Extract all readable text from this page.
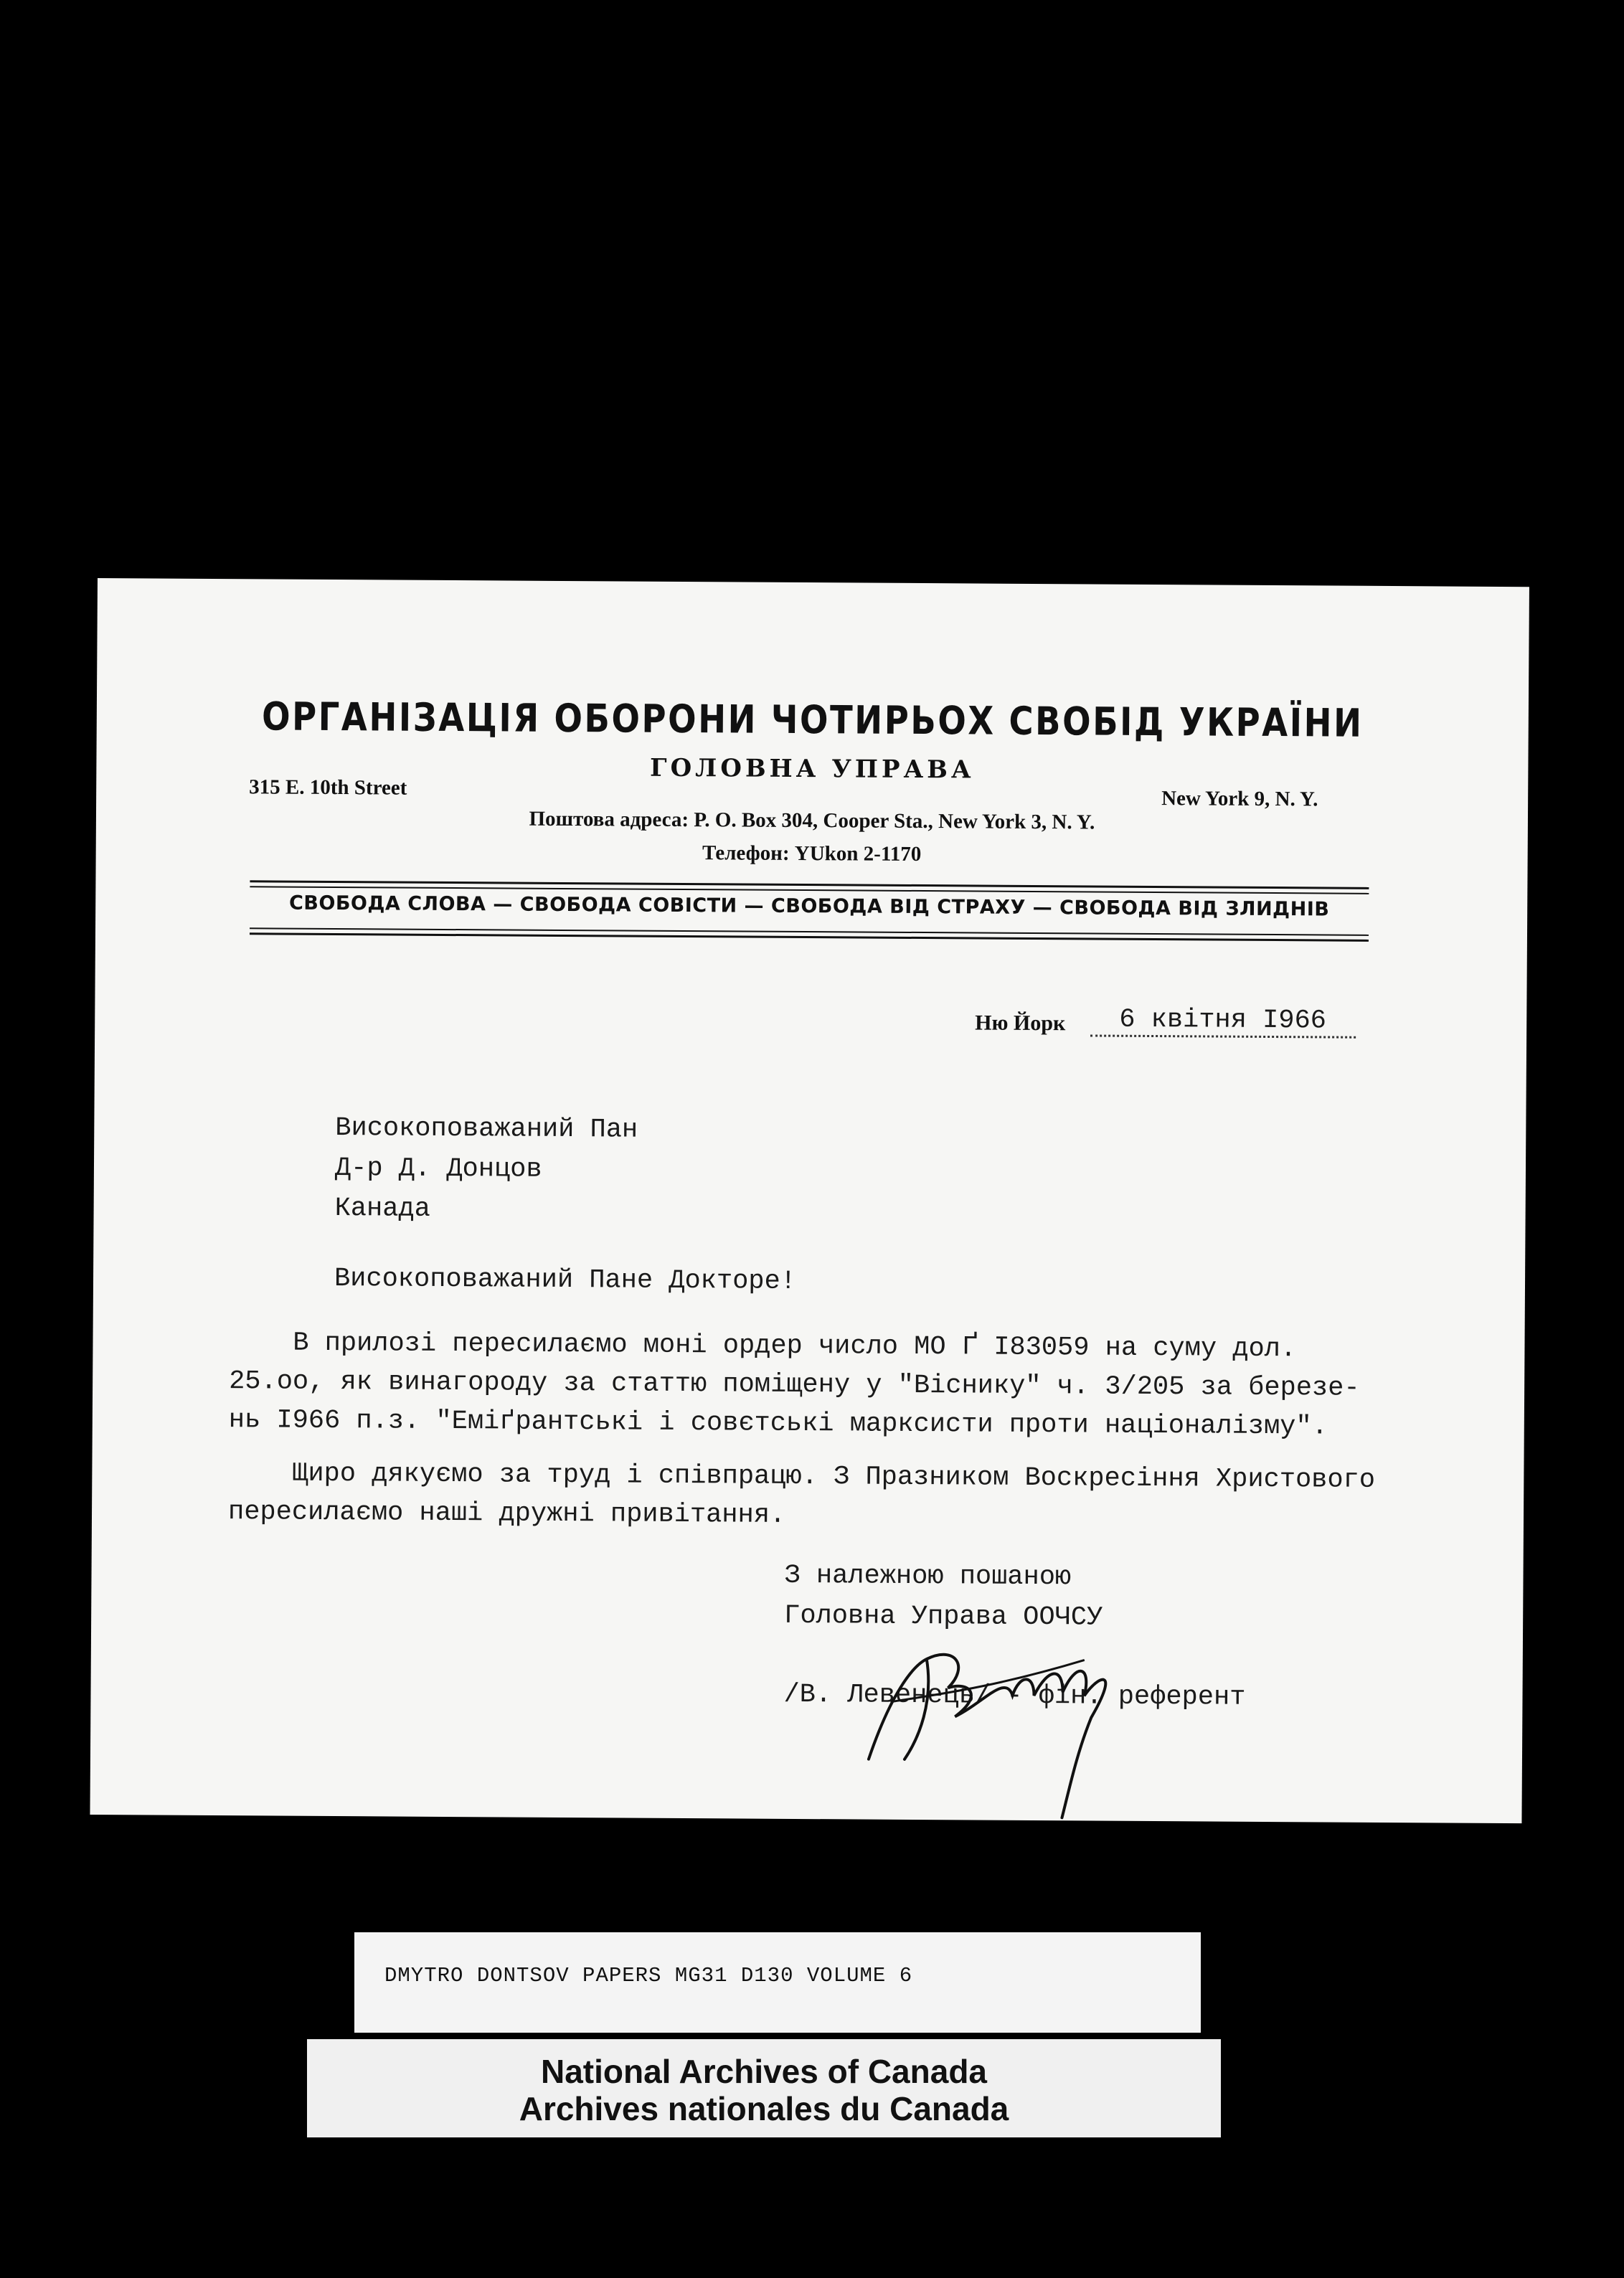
ОРГАНІЗАЦІЯ ОБОРОНИ ЧОТИРЬОХ СВОБІД УКРАЇНИ
ГОЛОВНА УПРАВА
315 E. 10th Street	New York 9, N. Y.
Поштова адреса: P. O. Box 304, Cooper Sta., New York 3, N. Y.
Телефон: YUkon 2-1170
СВОБОДА СЛОВА — СВОБОДА СОВІСТИ — СВОБОДА ВІД СТРАХУ — СВОБОДА ВІД ЗЛИДНІВ
Ню Йорк	6 квітня I966
Високоповажаний Пан
Д-р Д. Донцов
Канада
Високоповажаний Пане Докторе!
В прилозі пересилаємо моні ордер число МО Ґ I83059 на суму дол.
25.оо, як винагороду за статтю поміщену у "Віснику" ч. 3/205 за березе-
нь I966 п.з. "Еміґрантські і совєтські марксисти проти націоналізму".
Щиро дякуємо за труд і співпрацю. З Празником Воскресіння Христового
пересилаємо наші дружні привітання.
З належною пошаною
Головна Управа ООЧСУ
/В. Левенець/ - фін. референт
DMYTRO DONTSOV PAPERS MG31 D130 VOLUME 6
National Archives of Canada
Archives nationales du Canada
